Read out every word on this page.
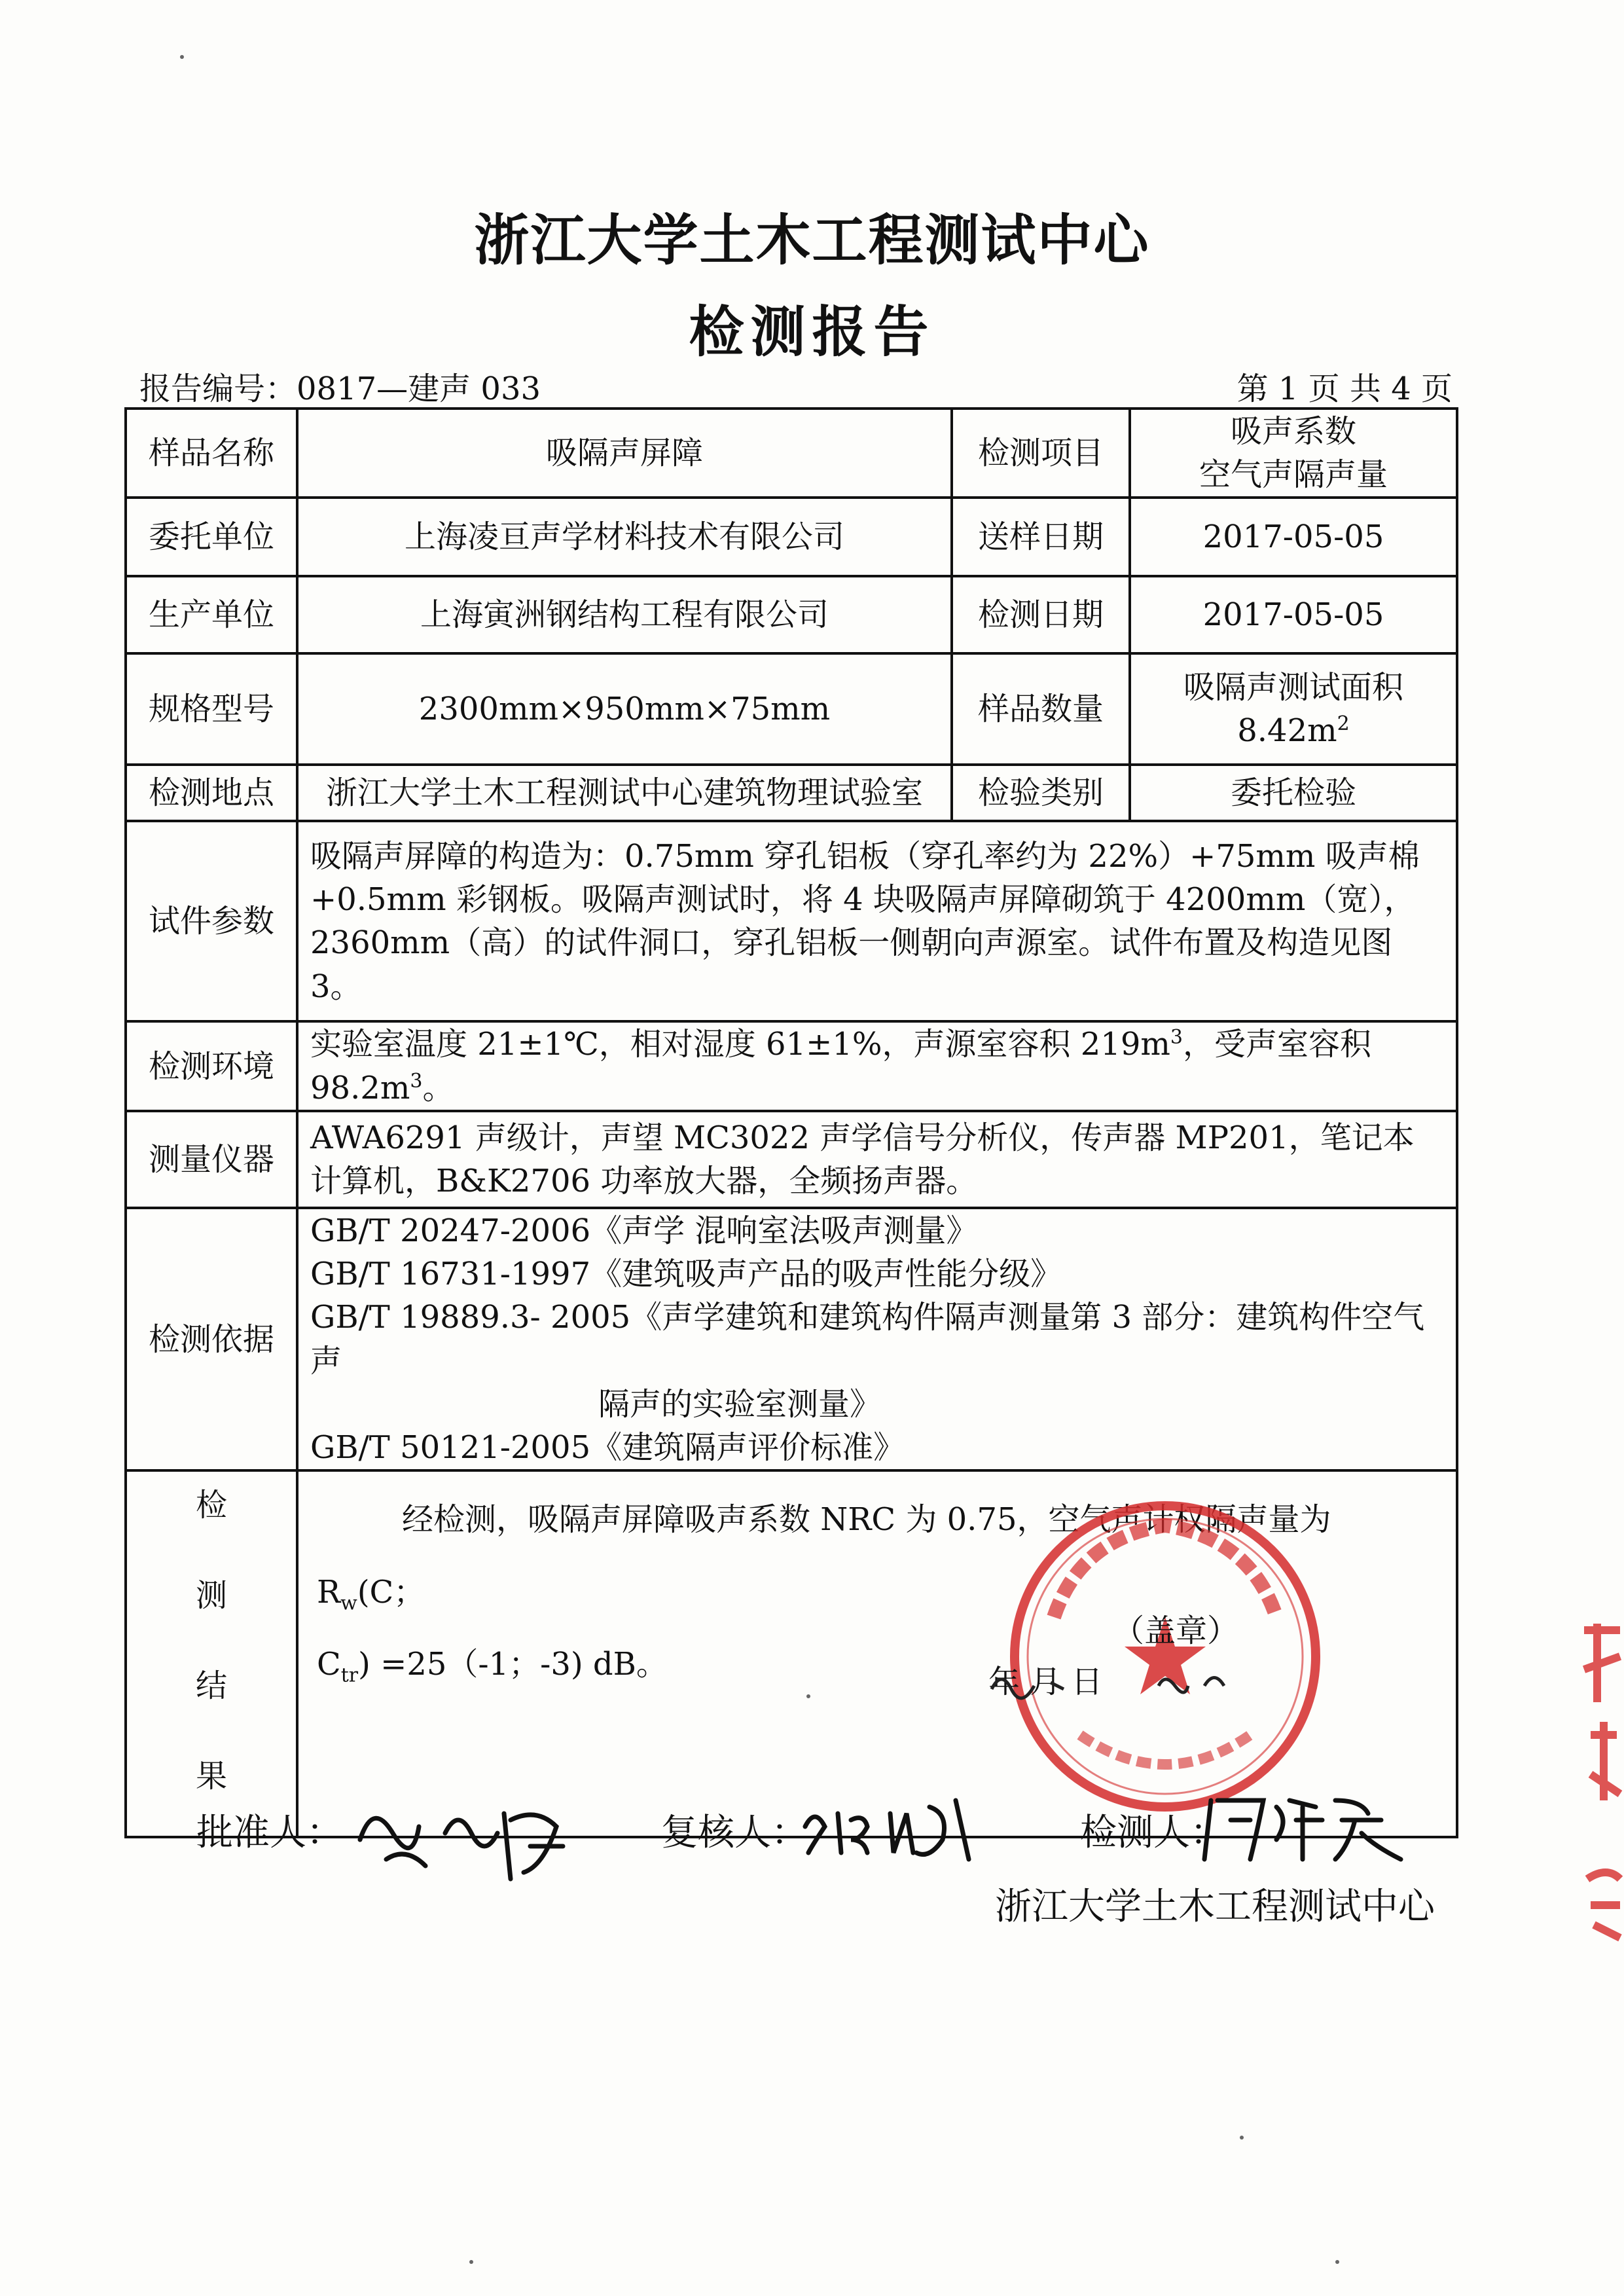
浙江大学土木工程测试中心
检测报告
报告编号：0817—建声 033	第 1 页 共 4 页
样品名称	吸隔声屏障	检测项目	吸声系数
空气声隔声量

委托单位	上海凌亘声学材料技术有限公司	送样日期	2017-05-05
生产单位	上海寅洲钢结构工程有限公司	检测日期	2017-05-05
规格型号	2300mm×950mm×75mm	样品数量	吸隔声测试面积
$8.42m^2$

检测地点	浙江大学土木工程测试中心建筑物理试验室	检验类别	委托检验
试件参数	吸隔声屏障的构造为：0.75mm 穿孔铝板（穿孔率约为 22%）+75mm 吸声棉+0.5mm 彩钢板。吸隔声测试时，将 4 块吸隔声屏障砌筑于 4200mm（宽），2360mm（高）的试件洞口，穿孔铝板一侧朝向声源室。试件布置及构造见图 3。		
检测环境	实验室温度 21±1℃，相对湿度 61±1%，声源室容积 $219m^3$，受声室容积 $98.2m^3$。		
测量仪器	AWA6291 声级计，声望 MC3022 声学信号分析仪，传声器 MP201，笔记本计算机，B&K2706 功率放大器，全频扬声器。		
检测依据	GB/T 20247-2006《声学 混响室法吸声测量》
GB/T 16731-1997《建筑吸声产品的吸声性能分级》
GB/T 19889.3- 2005《声学建筑和建筑构件隔声测量第 3 部分：建筑构件空气声
隔声的实验室测量》
GB/T 50121-2005《建筑隔声评价标准》		

检
测
结
果	经检测，吸隔声屏障吸声系数 NRC 为 0.75，空气声计权隔声量为 $R_w(C$；
$C_{tr}) =25(-1$；-3) dB。		
（盖章）
年 月 日
批准人：	复核人：	检测人：
浙江大学土木工程测试中心
